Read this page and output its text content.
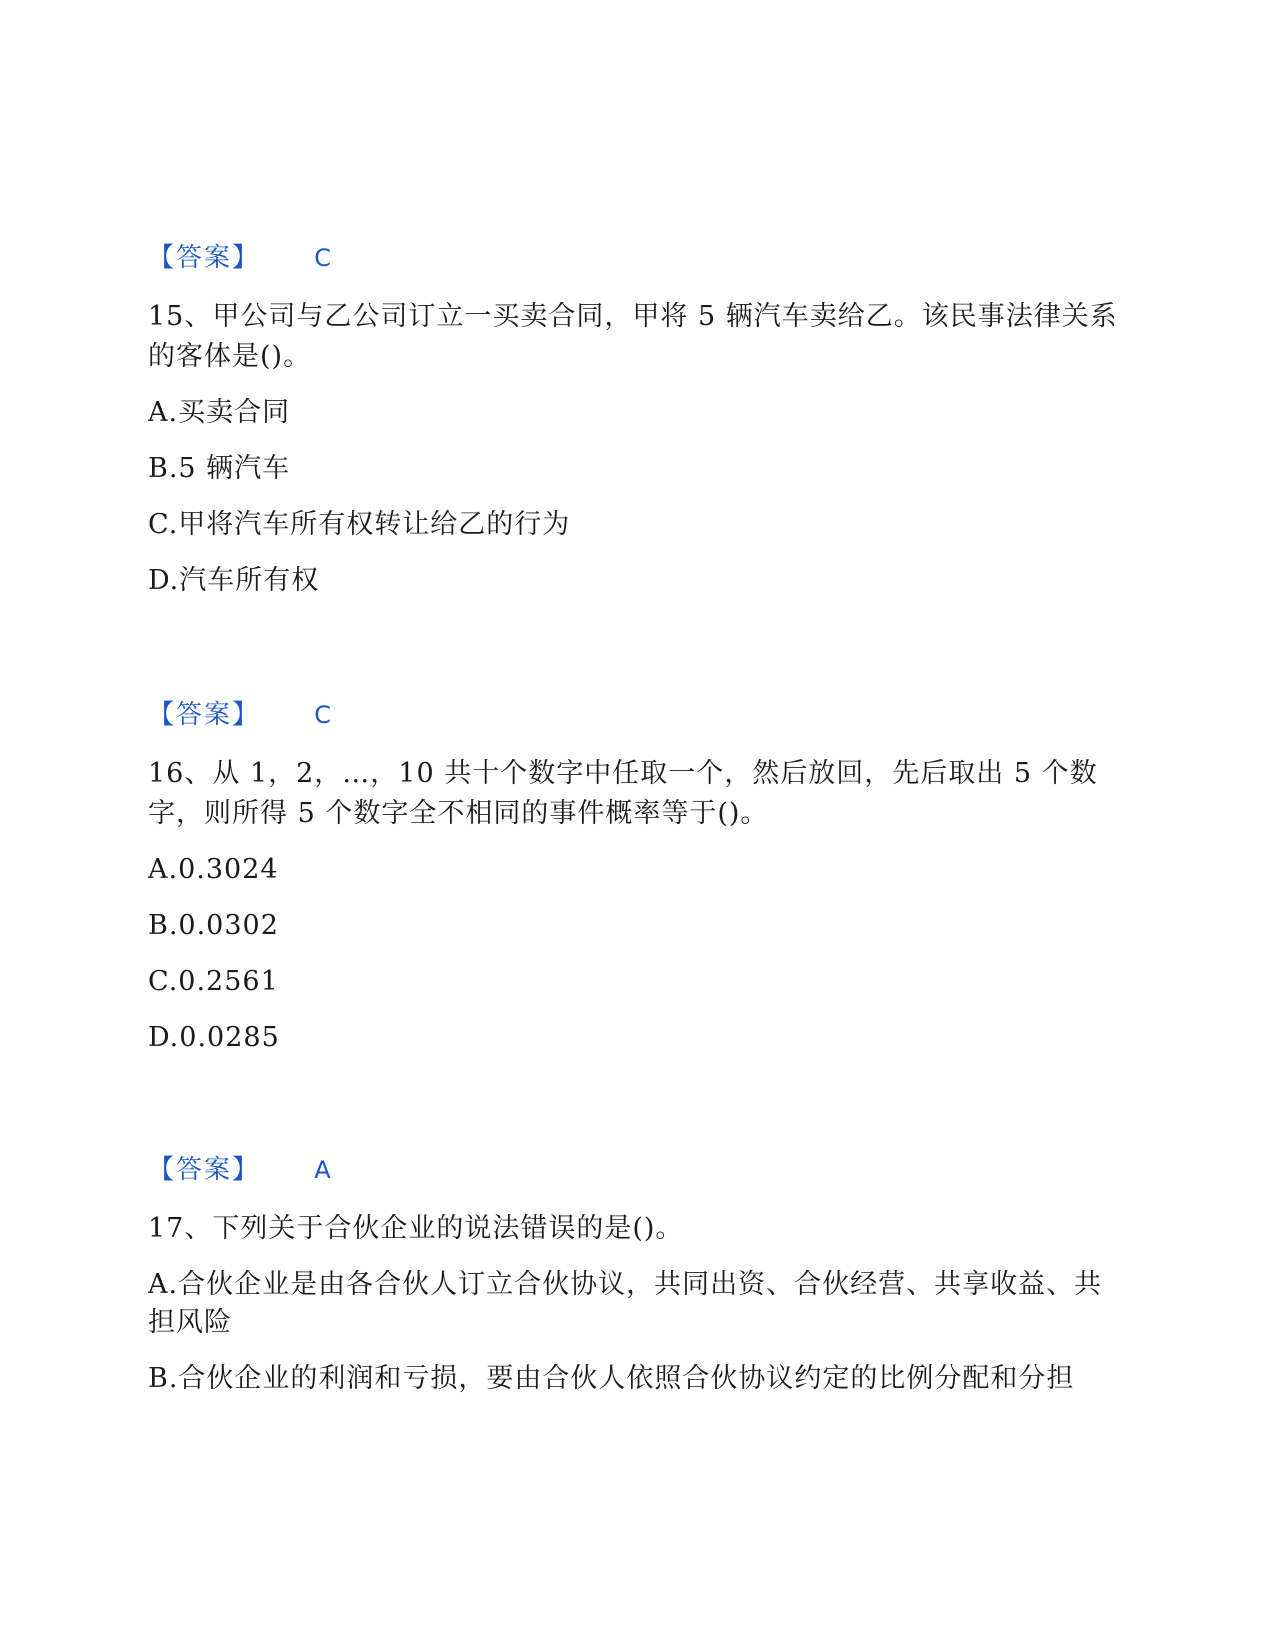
【答案】 C
15、甲公司与乙公司订立一买卖合同，甲将 5 辆汽车卖给乙。该民事法律关系的客体是()。
A.买卖合同
B.5 辆汽车
C.甲将汽车所有权转让给乙的行为
D.汽车所有权
【答案】 C
16、从 1，2，…，10 共十个数字中任取一个，然后放回，先后取出 5 个数字，则所得 5 个数字全不相同的事件概率等于()。
A.0.3024
B.0.0302
C.0.2561
D.0.0285
【答案】 A
17、下列关于合伙企业的说法错误的是()。
A.合伙企业是由各合伙人订立合伙协议，共同出资、合伙经营、共享收益、共担风险
B.合伙企业的利润和亏损，要由合伙人依照合伙协议约定的比例分配和分担
